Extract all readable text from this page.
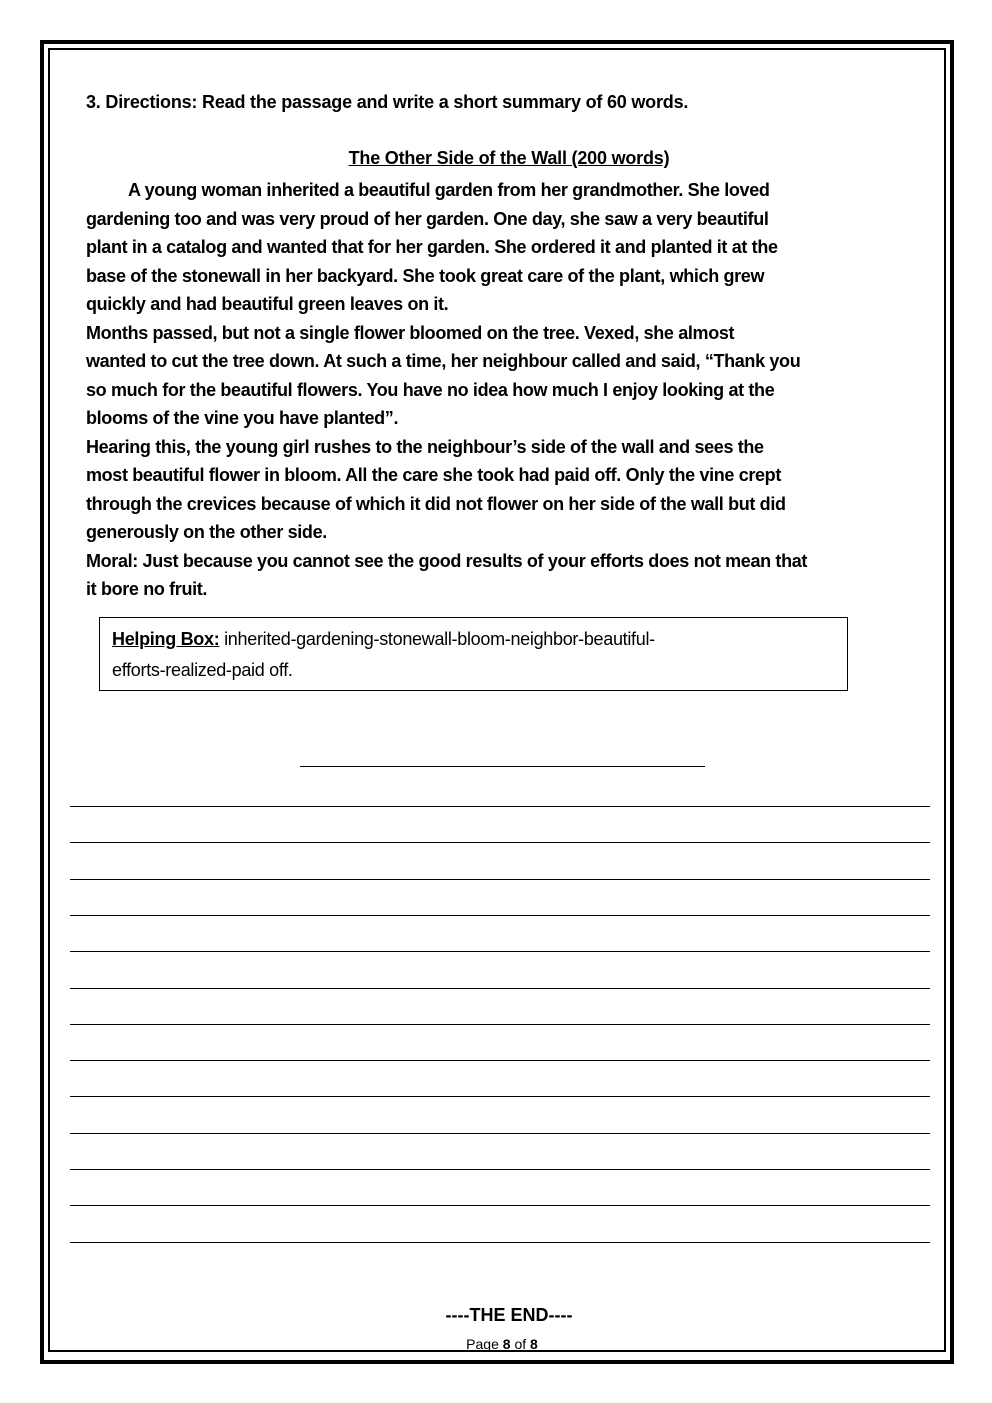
3. Directions: Read the passage and write a short summary of 60 words.
The Other Side of the Wall (200 words)
A young woman inherited a beautiful garden from her grandmother. She loved
gardening too and was very proud of her garden. One day, she saw a very beautiful
plant in a catalog and wanted that for her garden. She ordered it and planted it at the
base of the stonewall in her backyard. She took great care of the plant, which grew
quickly and had beautiful green leaves on it.
Months passed, but not a single flower bloomed on the tree. Vexed, she almost
wanted to cut the tree down. At such a time, her neighbour called and said, “Thank you
so much for the beautiful flowers. You have no idea how much I enjoy looking at the
blooms of the vine you have planted”.
Hearing this, the young girl rushes to the neighbour’s side of the wall and sees the
most beautiful flower in bloom. All the care she took had paid off. Only the vine crept
through the crevices because of which it did not flower on her side of the wall but did
generously on the other side.
Moral: Just because you cannot see the good results of your efforts does not mean that
it bore no fruit.
Helping Box: inherited-gardening-stonewall-bloom-neighbor-beautiful-
efforts-realized-paid off.
----THE END----
Page 8 of 8
